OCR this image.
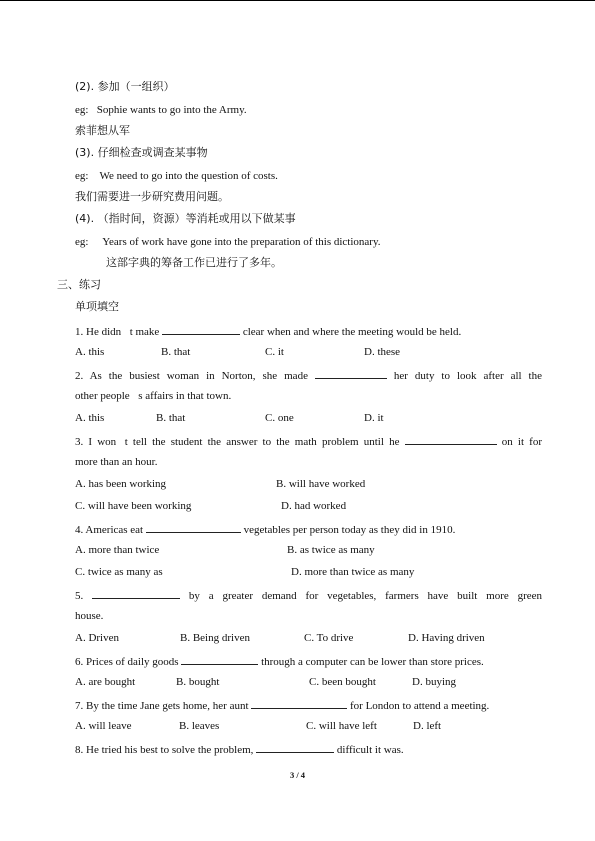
(2). 参加（一组织）
eg: Sophie wants to go into the Army.
索菲想从军
(3). 仔细检查或调查某事物
eg: We need to go into the question of costs.
我们需要进一步研究费用问题。
(4). （指时间，资源）等消耗或用以下做某事
eg: Years of work have gone into the preparation of this dictionary.
这部字典的筹备工作已进行了多年。
三、练习
单项填空
1. He didn t make	clear when and where the meeting would be held.
A. this	B. that	C. it	D. these
2. As the busiest woman in Norton, she made	her duty to look after all the
other people s affairs in that town.
A. this	B. that	C. one	D. it
3. I won t tell the student the answer to the math problem until he	on it for
more than an hour.
A. has been working	B. will have worked
C. will have been working	D. had worked
4. Americas eat	vegetables per person today as they did in 1910.
A. more than twice	B. as twice as many
C. twice as many as	D. more than twice as many
5.	by a greater demand for vegetables, farmers have built more green
house.
A. Driven	B. Being driven	C. To drive	D. Having driven
6. Prices of daily goods	through a computer can be lower than store prices.
A. are bought	B. bought	C. been bought	D. buying
7. By the time Jane gets home, her aunt	for London to attend a meeting.
A. will leave	B. leaves	C. will have left	D. left
8. He tried his best to solve the problem,	difficult it was.
3 / 4
